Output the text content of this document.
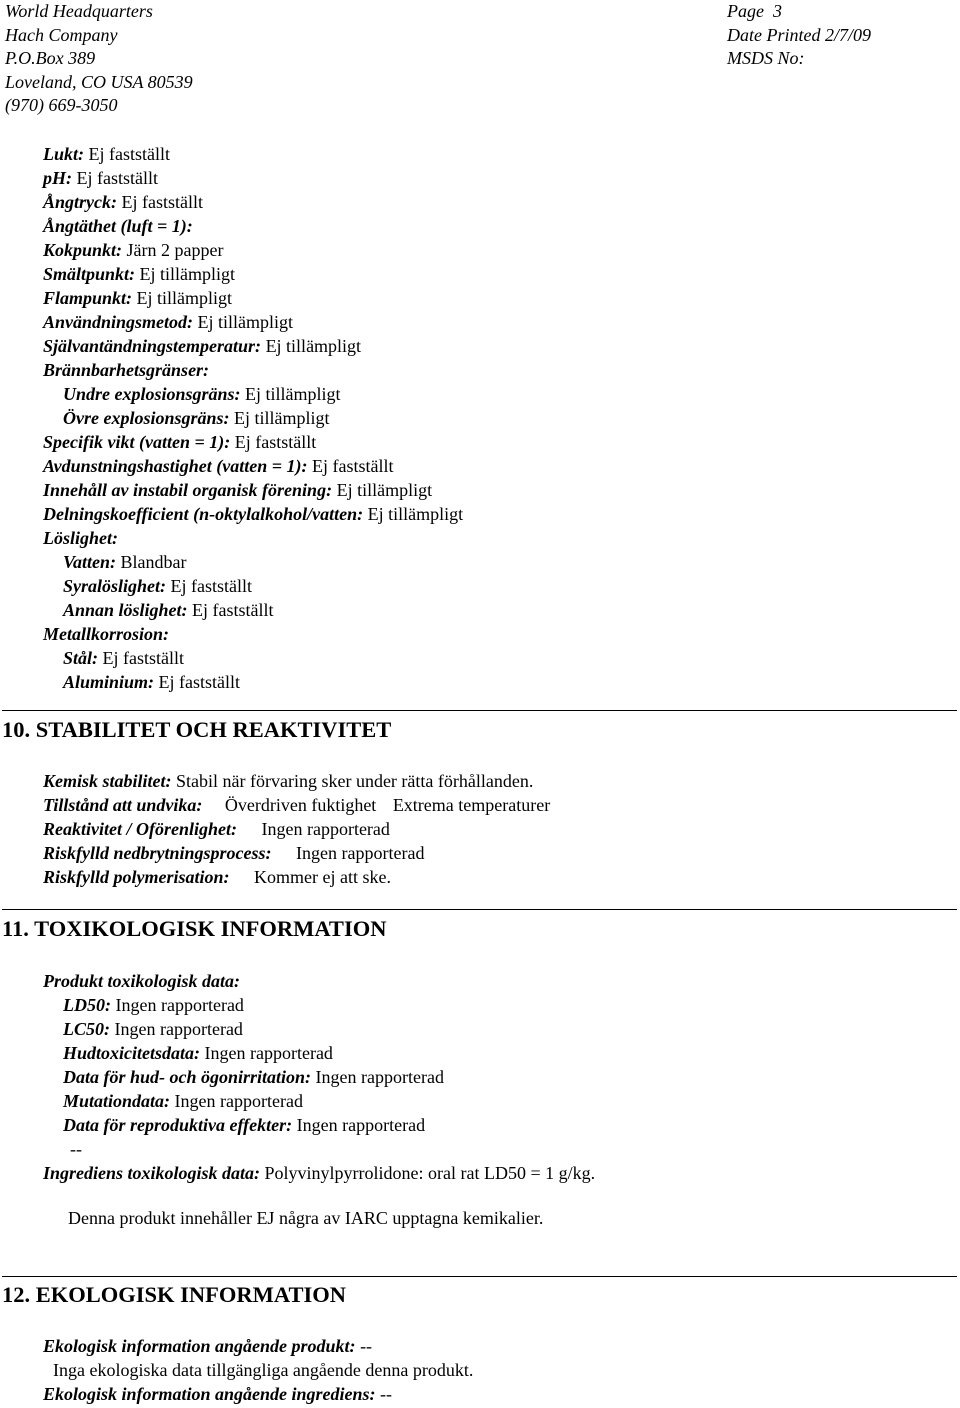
World Headquarters
Hach Company
P.O.Box 389
Loveland, CO USA 80539
(970) 669-3050
Page  3
Date Printed 2/7/09
MSDS No:
Lukt: Ej fastställt
pH: Ej fastställt
Ångtryck: Ej fastställt
Ångtäthet (luft = 1):
Kokpunkt: Järn 2 papper
Smältpunkt: Ej tillämpligt
Flampunkt: Ej tillämpligt
Användningsmetod: Ej tillämpligt
Självantändningstemperatur: Ej tillämpligt
Brännbarhetsgränser:
Undre explosionsgräns: Ej tillämpligt
Övre explosionsgräns: Ej tillämpligt
Specifik vikt (vatten = 1): Ej fastställt
Avdunstningshastighet (vatten = 1): Ej fastställt
Innehåll av instabil organisk förening: Ej tillämpligt
Delningskoefficient (n-oktylalkohol/vatten: Ej tillämpligt
Löslighet:
Vatten: Blandbar
Syralöslighet: Ej fastställt
Annan löslighet: Ej fastställt
Metallkorrosion:
Stål: Ej fastställt
Aluminium: Ej fastställt
10. STABILITET OCH REAKTIVITET
Kemisk stabilitet: Stabil när förvaring sker under rätta förhållanden.
Tillstånd att undvika: Överdriven fuktighet Extrema temperaturer
Reaktivitet / Oförenlighet: Ingen rapporterad
Riskfylld nedbrytningsprocess: Ingen rapporterad
Riskfylld polymerisation: Kommer ej att ske.
11. TOXIKOLOGISK INFORMATION
Produkt toxikologisk data:
LD50: Ingen rapporterad
LC50: Ingen rapporterad
Hudtoxicitetsdata: Ingen rapporterad
Data för hud- och ögonirritation: Ingen rapporterad
Mutationdata: Ingen rapporterad
Data för reproduktiva effekter: Ingen rapporterad
--
Ingrediens toxikologisk data: Polyvinylpyrrolidone: oral rat LD50 = 1 g/kg.
Denna produkt innehåller EJ några av IARC upptagna kemikalier.
12. EKOLOGISK INFORMATION
Ekologisk information angående produkt: --
Inga ekologiska data tillgängliga angående denna produkt.
Ekologisk information angående ingrediens: --
